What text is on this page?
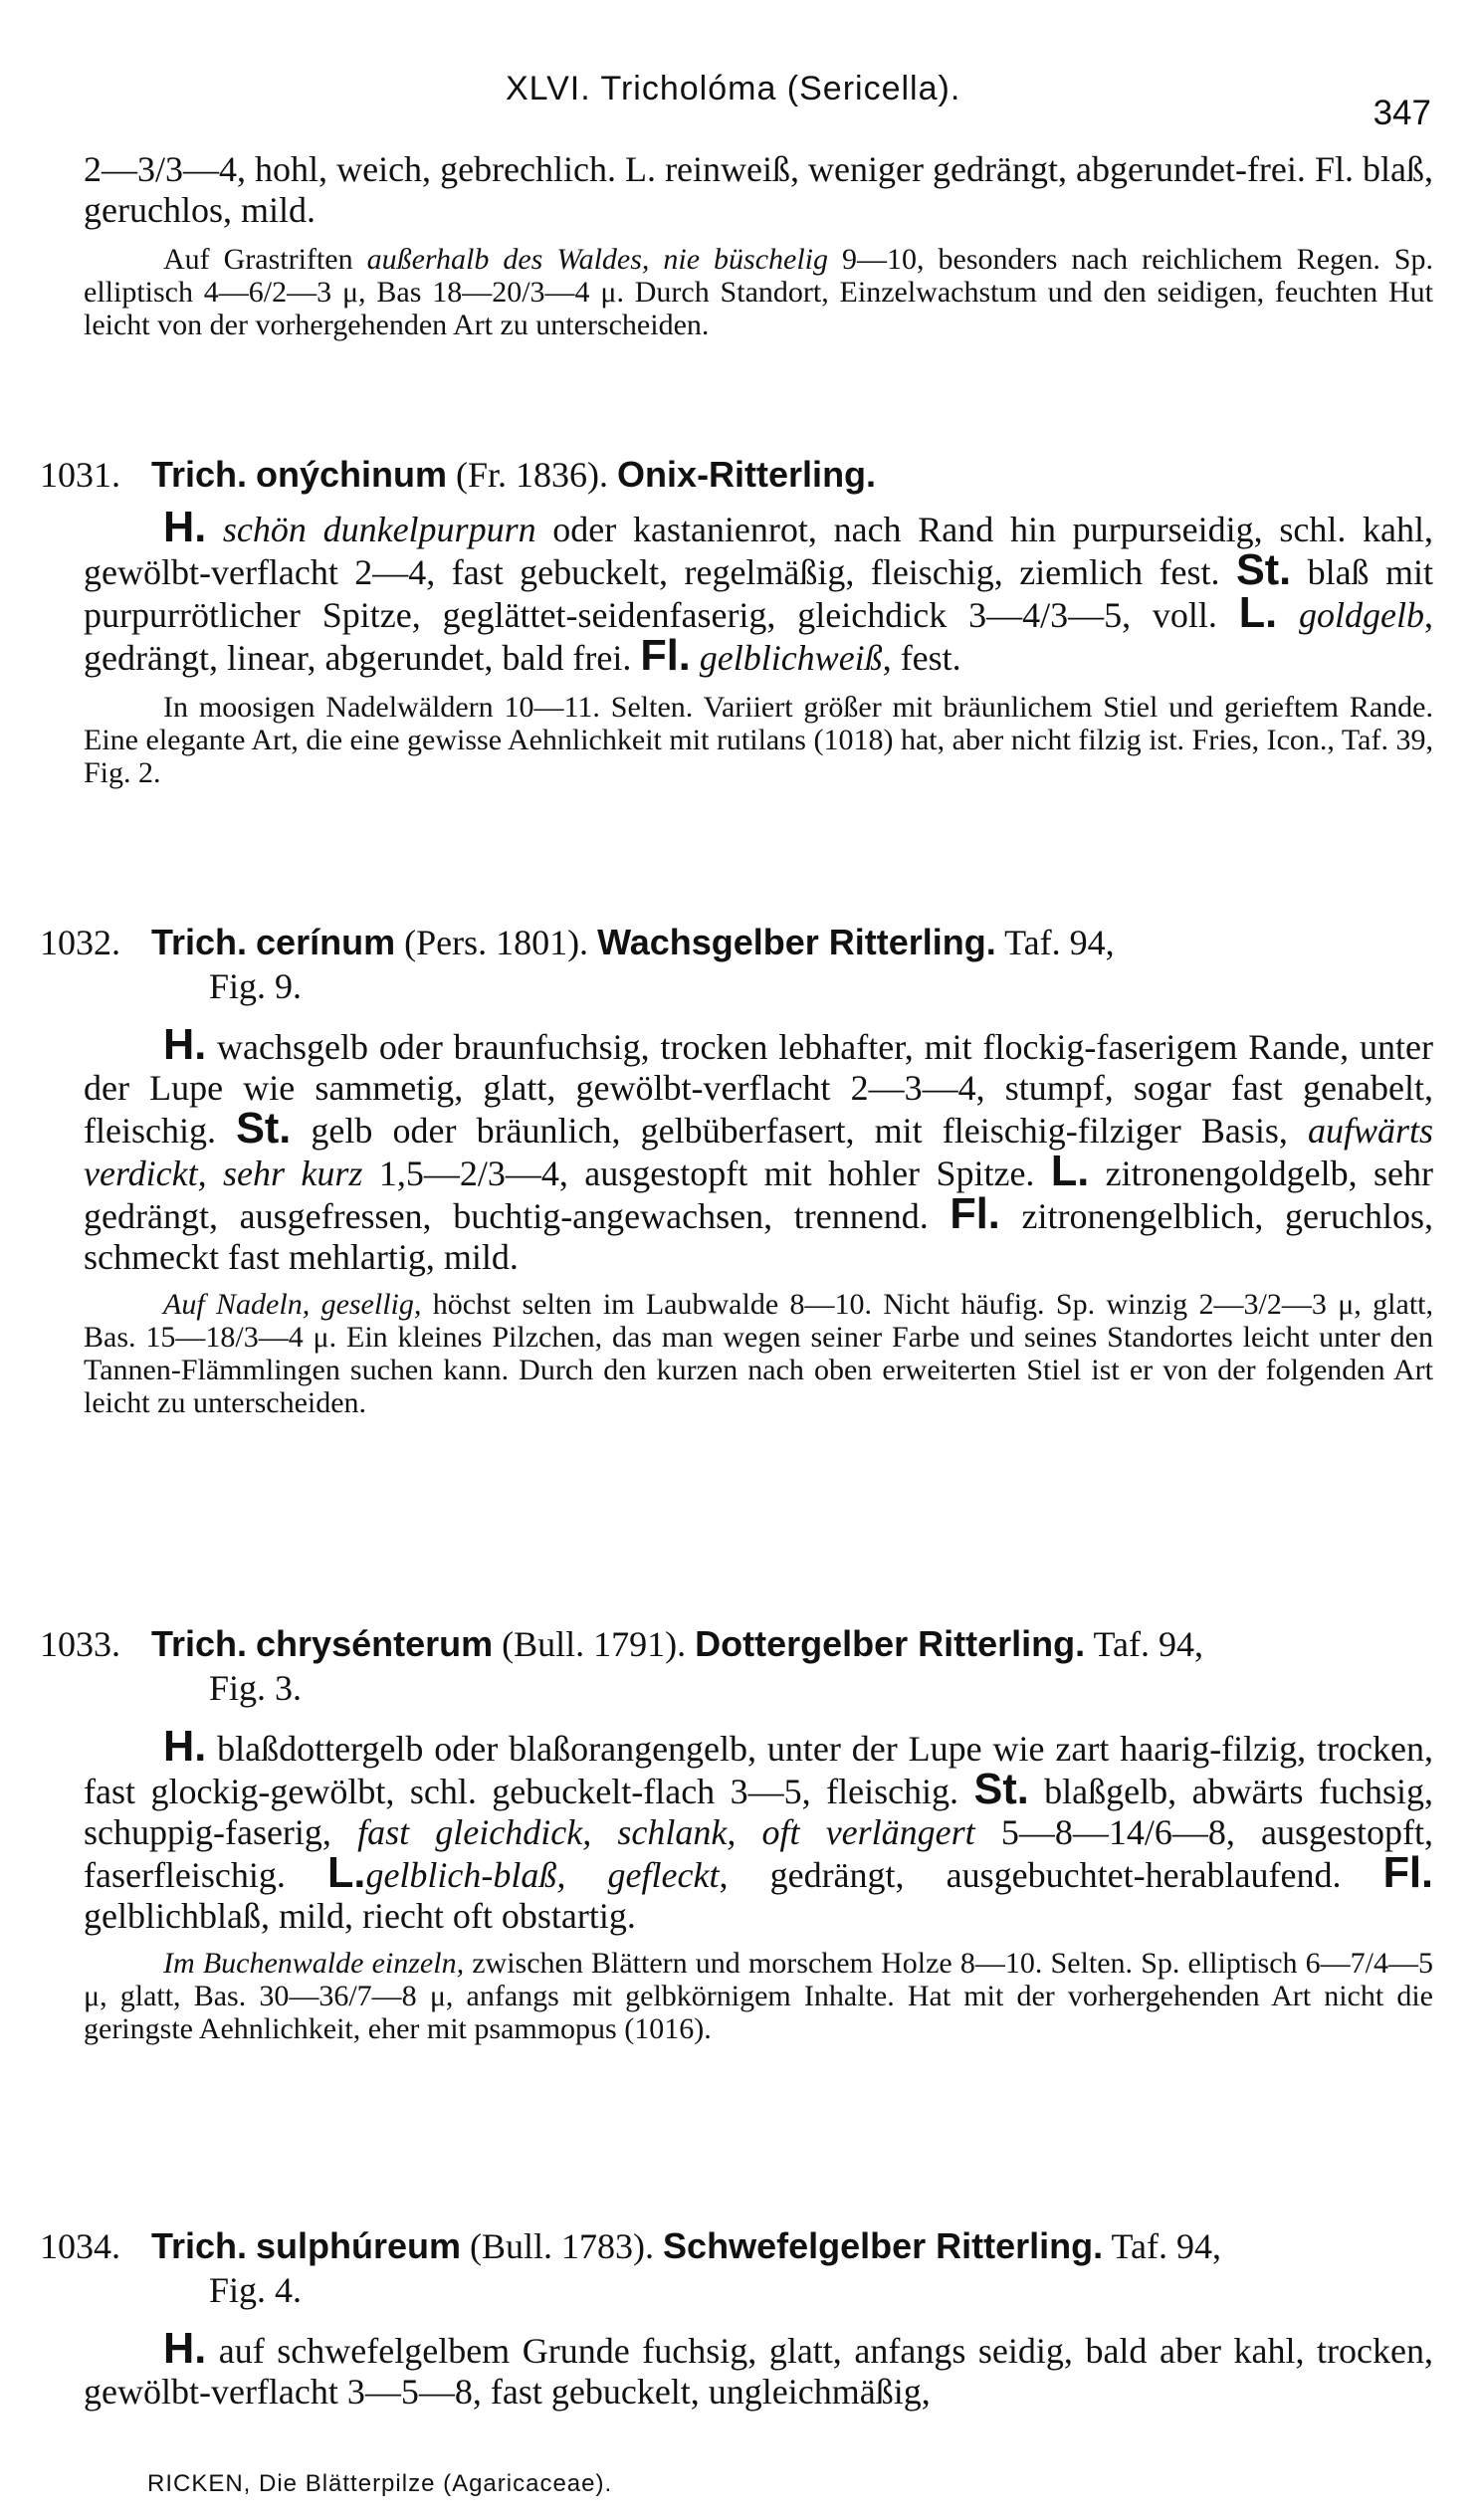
XLVI. Tricholóma (Sericella).
347

2—3/3—4, hohl, weich, gebrechlich. L. reinweiß, weniger gedrängt, abgerundet-frei. Fl. blaß, geruchlos, mild.

Auf Grastriften außerhalb des Waldes, nie büschelig 9—10, besonders nach reichlichem Regen. Sp. elliptisch 4—6/2—3 μ, Bas 18—20/3—4 μ. Durch Standort, Einzelwachstum und den seidigen, feuchten Hut leicht von der vorhergehenden Art zu unterscheiden.

1031. Trich. onýchinum (Fr. 1836). Onix-Ritterling.

H. schön dunkelpurpurn oder kastanienrot, nach Rand hin purpurseidig, schl. kahl, gewölbt-verflacht 2—4, fast gebuckelt, regelmäßig, fleischig, ziemlich fest. St. blaß mit purpurrötlicher Spitze, geglättet-seidenfaserig, gleichdick 3—4/3—5, voll. L. goldgelb, gedrängt, linear, abgerundet, bald frei. Fl. gelblichweiß, fest.

In moosigen Nadelwäldern 10—11. Selten. Variiert größer mit bräunlichem Stiel und gerieftem Rande. Eine elegante Art, die eine gewisse Aehnlichkeit mit rutilans (1018) hat, aber nicht filzig ist. Fries, Icon., Taf. 39, Fig. 2.

1032. Trich. cerínum (Pers. 1801). Wachsgelber Ritterling. Taf. 94,
Fig. 9.

H. wachsgelb oder braunfuchsig, trocken lebhafter, mit flockig-faserigem Rande, unter der Lupe wie sammetig, glatt, gewölbt-verflacht 2—3—4, stumpf, sogar fast genabelt, fleischig. St. gelb oder bräunlich, gelbüberfasert, mit fleischig-filziger Basis, aufwärts verdickt, sehr kurz 1,5—2/3—4, ausgestopft mit hohler Spitze. L. zitronengoldgelb, sehr gedrängt, ausgefressen, buchtig-angewachsen, trennend. Fl. zitronengelblich, geruchlos, schmeckt fast mehlartig, mild.

Auf Nadeln, gesellig, höchst selten im Laubwalde 8—10. Nicht häufig. Sp. winzig 2—3/2—3 μ, glatt, Bas. 15—18/3—4 μ. Ein kleines Pilzchen, das man wegen seiner Farbe und seines Standortes leicht unter den Tannen-Flämmlingen suchen kann. Durch den kurzen nach oben erweiterten Stiel ist er von der folgenden Art leicht zu unterscheiden.

1033. Trich. chrysénterum (Bull. 1791). Dottergelber Ritterling. Taf. 94,
Fig. 3.

H. blaßdottergelb oder blaßorangengelb, unter der Lupe wie zart haarig-filzig, trocken, fast glockig-gewölbt, schl. gebuckelt-flach 3—5, fleischig. St. blaßgelb, abwärts fuchsig, schuppig-faserig, fast gleichdick, schlank, oft verlängert 5—8—14/6—8, ausgestopft, faserfleischig. L.gelblich-blaß, gefleckt, gedrängt, ausgebuchtet-herablaufend. Fl. gelblichblaß, mild, riecht oft obstartig.

Im Buchenwalde einzeln, zwischen Blättern und morschem Holze 8—10. Selten. Sp. elliptisch 6—7/4—5 μ, glatt, Bas. 30—36/7—8 μ, anfangs mit gelbkörnigem Inhalte. Hat mit der vorhergehenden Art nicht die geringste Aehnlichkeit, eher mit psammopus (1016).

1034. Trich. sulphúreum (Bull. 1783). Schwefelgelber Ritterling. Taf. 94,
Fig. 4.

H. auf schwefelgelbem Grunde fuchsig, glatt, anfangs seidig, bald aber kahl, trocken, gewölbt-verflacht 3—5—8, fast gebuckelt, ungleichmäßig,

RICKEN, Die Blätterpilze (Agaricaceae).
